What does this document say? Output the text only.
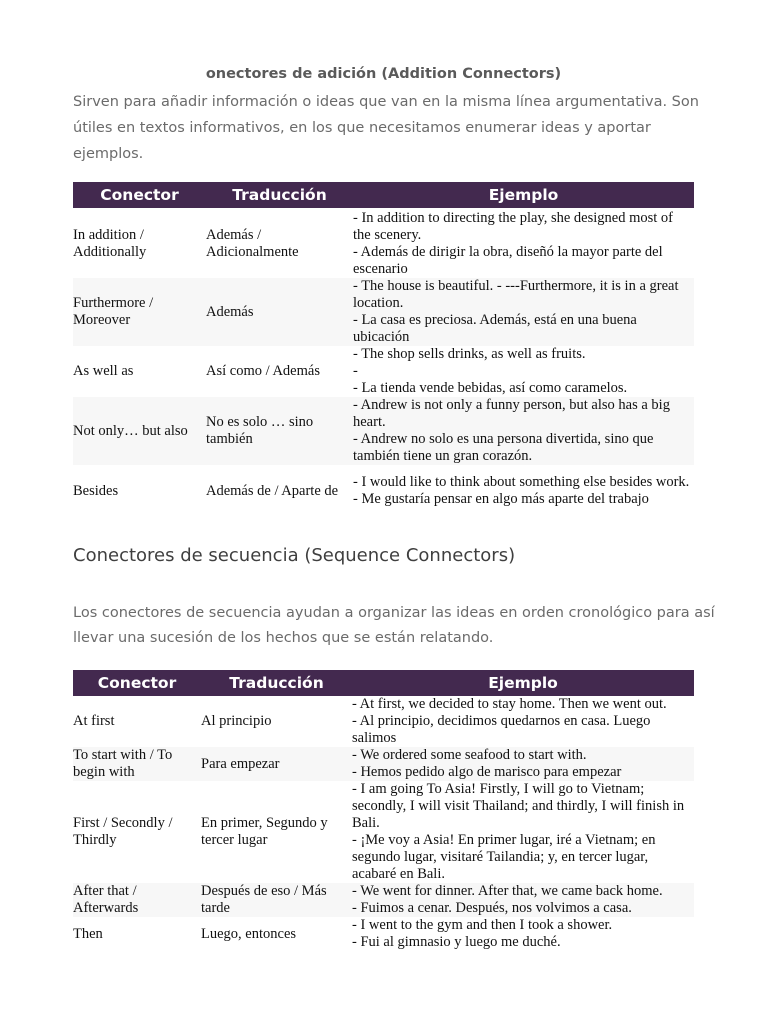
onectores de adición (Addition Connectors)

Sirven para añadir información o ideas que van en la misma línea argumentativa. Son útiles en textos informativos, en los que necesitamos enumerar ideas y aportar ejemplos.

Conector	Traducción	Ejemplo

In addition / Additionally	Además / Adicionalmente	- In addition to directing the play, she designed most of the scenery.
- Además de dirigir la obra, diseñó la mayor parte del escenario

Furthermore / Moreover	Además	- The house is beautiful. - ---Furthermore, it is in a great location.
- La casa es preciosa. Además, está en una buena ubicación

As well as	Así como / Además	- The shop sells drinks, as well as fruits.
-
- La tienda vende bebidas, así como caramelos.

Not only… but also	No es solo … sino también	- Andrew is not only a funny person, but also has a big heart.
- Andrew no solo es una persona divertida, sino que también tiene un gran corazón.

Besides	Además de / Aparte de	- I would like to think about something else besides work.
- Me gustaría pensar en algo más aparte del trabajo
Conectores de secuencia (Sequence Connectors)

Los conectores de secuencia ayudan a organizar las ideas en orden cronológico para así llevar una sucesión de los hechos que se están relatando.

Conector	Traducción	Ejemplo
At first	Al principio	- At first, we decided to stay home. Then we went out.
- Al principio, decidimos quedarnos en casa. Luego salimos

To start with / To begin with	Para empezar	- We ordered some seafood to start with.
- Hemos pedido algo de marisco para empezar

First / Secondly / Thirdly	En primer, Segundo y tercer lugar	- I am going To Asia! Firstly, I will go to Vietnam; secondly, I will visit Thailand; and thirdly, I will finish in Bali.
- ¡Me voy a Asia! En primer lugar, iré a Vietnam; en segundo lugar, visitaré Tailandia; y, en tercer lugar, acabaré en Bali.

After that / Afterwards	Después de eso / Más tarde	- We went for dinner. After that, we came back home.
- Fuimos a cenar. Después, nos volvimos a casa.

Then	Luego, entonces	- I went to the gym and then I took a shower.
- Fui al gimnasio y luego me duché.
